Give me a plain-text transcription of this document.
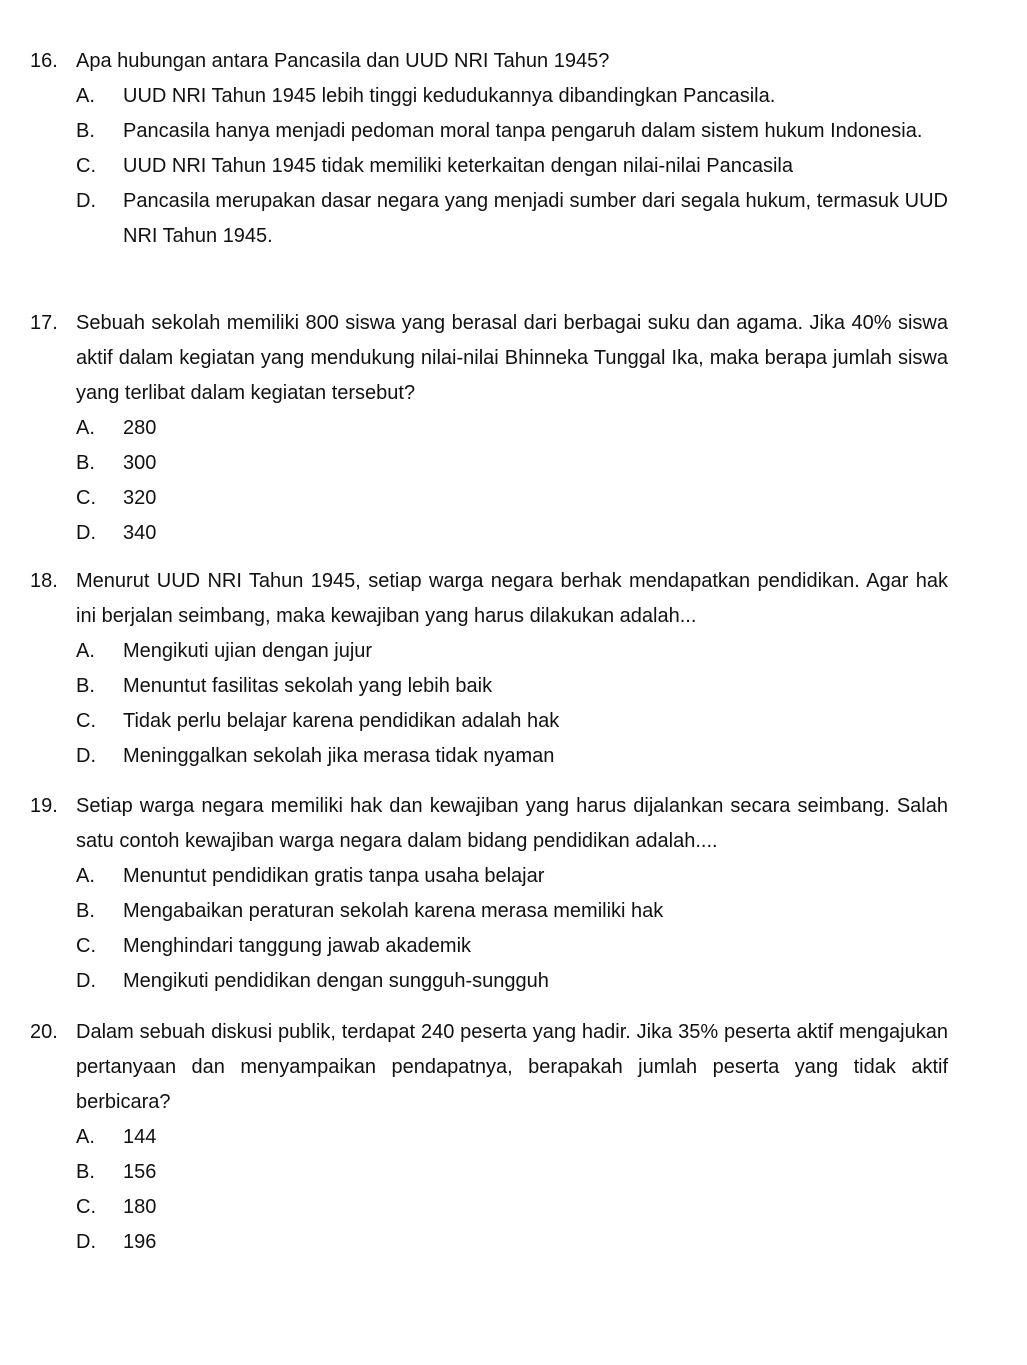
16. Apa hubungan antara Pancasila dan UUD NRI Tahun 1945?
A. UUD NRI Tahun 1945 lebih tinggi kedudukannya dibandingkan Pancasila.
B. Pancasila hanya menjadi pedoman moral tanpa pengaruh dalam sistem hukum Indonesia.
C. UUD NRI Tahun 1945 tidak memiliki keterkaitan dengan nilai-nilai Pancasila
D. Pancasila merupakan dasar negara yang menjadi sumber dari segala hukum, termasuk UUD NRI Tahun 1945.
17. Sebuah sekolah memiliki 800 siswa yang berasal dari berbagai suku dan agama. Jika 40% siswa aktif dalam kegiatan yang mendukung nilai-nilai Bhinneka Tunggal Ika, maka berapa jumlah siswa yang terlibat dalam kegiatan tersebut?
A. 280
B. 300
C. 320
D. 340
18. Menurut UUD NRI Tahun 1945, setiap warga negara berhak mendapatkan pendidikan. Agar hak ini berjalan seimbang, maka kewajiban yang harus dilakukan adalah...
A. Mengikuti ujian dengan jujur
B. Menuntut fasilitas sekolah yang lebih baik
C. Tidak perlu belajar karena pendidikan adalah hak
D. Meninggalkan sekolah jika merasa tidak nyaman
19. Setiap warga negara memiliki hak dan kewajiban yang harus dijalankan secara seimbang. Salah satu contoh kewajiban warga negara dalam bidang pendidikan adalah....
A. Menuntut pendidikan gratis tanpa usaha belajar
B. Mengabaikan peraturan sekolah karena merasa memiliki hak
C. Menghindari tanggung jawab akademik
D. Mengikuti pendidikan dengan sungguh-sungguh
20. Dalam sebuah diskusi publik, terdapat 240 peserta yang hadir. Jika 35% peserta aktif mengajukan pertanyaan dan menyampaikan pendapatnya, berapakah jumlah peserta yang tidak aktif berbicara?
A. 144
B. 156
C. 180
D. 196
